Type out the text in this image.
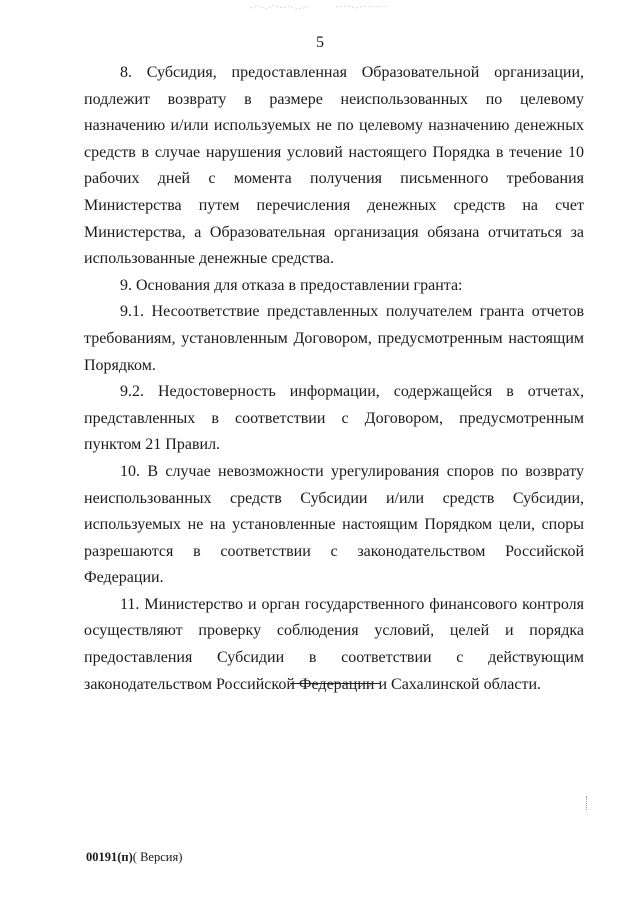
5

8. Субсидия, предоставленная Образовательной организации, подлежит возврату в размере неиспользованных по целевому назначению и/или используемых не по целевому назначению денежных средств в случае нарушения условий настоящего Порядка в течение 10 рабочих дней с момента получения письменного требования Министерства путем перечисления денежных средств на счет Министерства, а Образовательная организация обязана отчитаться за использованные денежные средства.

9. Основания для отказа в предоставлении гранта:

9.1. Несоответствие представленных получателем гранта отчетов требованиям, установленным Договором, предусмотренным настоящим Порядком.

9.2. Недостоверность информации, содержащейся в отчетах, представленных в соответствии с Договором, предусмотренным пунктом 21 Правил.

10. В случае невозможности урегулирования споров по возврату неиспользованных средств Субсидии и/или средств Субсидии, используемых не на установленные настоящим Порядком цели, споры разрешаются в соответствии с законодательством Российской Федерации.

11. Министерство и орган государственного финансового контроля осуществляют проверку соблюдения условий, целей и порядка предоставления Субсидии в соответствии с действующим законодательством Российской Федерации и Сахалинской области.

00191(п)( Версия)
